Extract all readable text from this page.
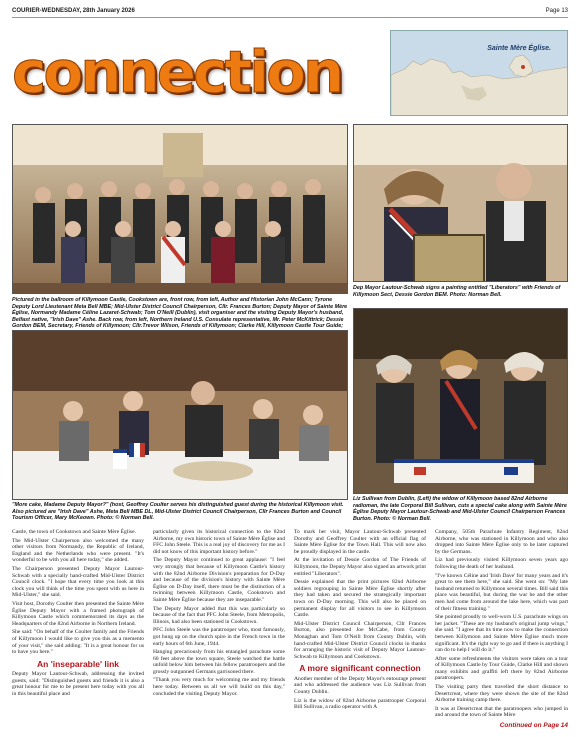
COURIER-WEDNESDAY, 28th January 2026	Page 13
connection	Sainte Mère Église.
Dep Mayor Lautour-Schwab signs a painting entitled "Liberators" with Friends of Killymoon Sect, Dessie Gordon BEM. Photo: Norman Bell.
Pictured in the ballroom of Killymoon Castle, Cookstown are, front row, from left, Author and Historian John McCann; Tyrone Deputy Lord Lieutenant Meta Bell MBE; Mid-Ulster District Council Chairperson, Cllr. Frances Burton; Deputy Mayor of Sainte Mère Église, Normandy Madame Céline Lazaret-Schwab; Tom O'Neill (Dublin), visit organiser and the visiting Deputy Mayor's husband, Belfast native, "Irish Dave" Ashe. Back row, from left, Northern Ireland U.S. Consulate representative, Mr. Peter McKittrick; Dessie Gordon BEM, Secretary, Friends of Killymoon; Cllr.Trevor Wilson, Friends of Killymoon; Clarke Hill, Killymoon Castle Tour Guide;
"More cake, Madame Deputy Mayor?" (host, Geoffrey Coulter serves his distinguished guest during the historical Killymoon visit. Also pictured are "Irish Dave" Ashe, Meta Bell MBE DL, Mid-Ulster District Council Chairperson, Cllr Frances Burton and Council Tourism Officer, Mary McKeown. Photo: © Norman Bell.
Liz Sullivan from Dublin, (Left) the widow of Killymoon based 82nd Airborne radioman, the late Corporal Bill Sullivan, cuts a special cake along with Sainte Mère Église Deputy Mayor Lautour-Schwab and Mid-Ulster Council Chairperson Frances Burton. Photo: © Norman Bell.

Castle, the town of Cookstown and Sainte Mère Église.

The Mid-Ulster Chairperson also welcomed the many other visitors from Normandy, the Republic of Ireland, England and the Netherlands who were present. "It's wonderful to be with you all here today," she added.

The Chairperson presented Deputy Mayor Lautour-Schwab with a specially hand-crafted Mid-Ulster District Council clock. "I hope that every time you look at this clock you will think of the time you spent with us here in Mid-Ulster," she said.

Visit host, Dorothy Coulter then presented the Sainte Mère Église Deputy Mayor with a framed photograph of Killymoon Castle which commemorated its days as the Headquarters of the 82nd Airborne in Northern Ireland.

She said: "On behalf of the Coulter family and the Friends of Killymoon I would like to give you this as a memento of your visit," she said adding: "It is a great honour for us to have you here."

An 'inseparable' link

Deputy Mayor Lautour-Schwab, addressing the invited guests, said: "Distinguished guests and friends it is also a great honour for me to be present here today with you all in this beautiful place and

particularly given its historical connection to the 82nd Airborne, my own historic town of Sainte Mère Église and FFC John Steele. This is a real joy of discovery for me as I did not know of this important history before."

The Deputy Mayor continued to great applause: "I feel very strongly that because of Killymoon Castle's history with the 82nd Airborne Division's preparation for D-Day and because of the division's history with Sainte Mère Église on D-Day itself, there must be the distinction of a twinning between Killymoon Castle, Cookstown and Sainte Mère Église because they are inseparable."

The Deputy Mayor added that this was particularly so because of the fact that PFC John Steele, from Metropolis, Illinois, had also been stationed in Cookstown.

PFC John Steele was the paratrooper who, most famously, got hung up on the church spire in the French town in the early hours of 6th June, 1944.

Hanging precariously from his entangled parachute some 60 feet above the town square, Steele watched the battle unfold below him between his fellow paratroopers and the grossly outgunned Germans garrisoned there.

"Thank you very much for welcoming me and my friends here today. Between us all we will build on this day," concluded the visiting Deputy Mayor.

To mark her visit, Mayor Lautour-Schwab presented Dorothy and Geoffrey Coulter with an official flag of Sainte Mère Église for the Town Hall. This will now also be proudly displayed in the castle.

At the invitation of Dessie Gordon of The Friends of Killymoon, the Deputy Mayor also signed an artwork print entitled "Liberators".

Dessie explained that the print pictures 82nd Airborne soldiers regrouping in Sainte Mère Église shortly after they had taken and secured the strategically important town on D-Day morning. This will also be placed on permanent display for all visitors to see in Killymoon Castle.

Mid-Ulster District Council Chairperson, Cllr Frances Burton, also presented Joe McCabe, from County Monaghan and Tom O'Neill from County Dublin, with hand-crafted Mid-Ulster District Council clocks in thanks for arranging the historic visit of Deputy Mayor Lautour-Schwab to Killymoon and Cookstown.

A more significant connection

Another member of the Deputy Mayor's entourage present and who addressed the audience was Liz Sullivan from County Dublin.

Liz is the widow of 82nd Airborne paratrooper Corporal Bill Sullivan, a radio operator with A

Company, 505th Parachute Infantry Regiment, 82nd Airborne, who was stationed in Killymoon and who also dropped into Sainte Mère Église only to be later captured by the Germans.

Liz had previously visited Killymoon seven years ago following the death of her husband.

"I've known Céline and 'Irish Dave' for many years and it's great to see them here," she said. She went on: "My late husband returned to Killymoon several times. Bill said this place was beautiful, but during the war he and the other men had come from around the lake here, which was part of their fitness training."

She pointed proudly to well-worn U.S. parachute wings on her jacket. "These are my husband's original jump wings," she said. "I agree that its time now to make the connection between Killymoon and Sainte Mère Église much more significant. It's the right way to go and if there is anything I can do to help I will do it."

After some refreshments the visitors were taken on a tour of Killymoon Castle by Tour Guide, Clarke Hill and shown many exhibits and graffiti left there by 82nd Airborne paratroopers.

The visiting party then travelled the short distance to Desertcreat, where they were shown the site of the 82nd Airborne training camp there.

It was at Desertcreat that the paratroopers who jumped in and around the town of Sainte Mère

Continued on Page 14
